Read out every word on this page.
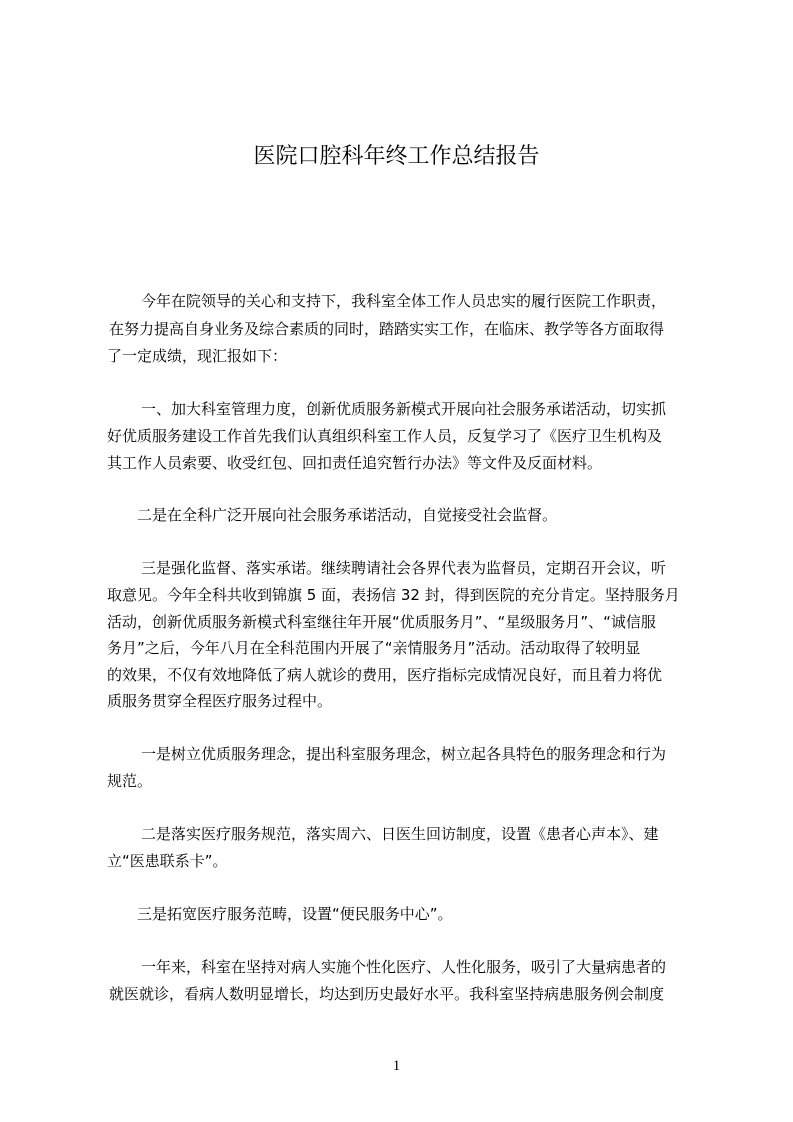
医院口腔科年终工作总结报告
今年在院领导的关心和支持下，我科室全体工作人员忠实的履行医院工作职责，
在努力提高自身业务及综合素质的同时，踏踏实实工作，在临床、教学等各方面取得
了一定成绩，现汇报如下：
一、加大科室管理力度，创新优质服务新模式开展向社会服务承诺活动，切实抓
好优质服务建设工作首先我们认真组织科室工作人员，反复学习了《医疗卫生机构及
其工作人员索要、收受红包、回扣责任追究暂行办法》等文件及反面材料。
二是在全科广泛开展向社会服务承诺活动，自觉接受社会监督。
三是强化监督、落实承诺。继续聘请社会各界代表为监督员，定期召开会议，听
取意见。今年全科共收到锦旗 5 面，表扬信 32 封，得到医院的充分肯定。坚持服务月
活动，创新优质服务新模式科室继往年开展“优质服务月”、“星级服务月”、“诚信服
务月”之后，今年八月在全科范围内开展了“亲情服务月”活动。活动取得了较明显
的效果，不仅有效地降低了病人就诊的费用，医疗指标完成情况良好，而且着力将优
质服务贯穿全程医疗服务过程中。
一是树立优质服务理念，提出科室服务理念，树立起各具特色的服务理念和行为
规范。
二是落实医疗服务规范，落实周六、日医生回访制度，设置《患者心声本》、建
立“医患联系卡”。
三是拓宽医疗服务范畴，设置“便民服务中心”。
一年来，科室在坚持对病人实施个性化医疗、人性化服务，吸引了大量病患者的
就医就诊，看病人数明显增长，均达到历史最好水平。我科室坚持病患服务例会制度
1
